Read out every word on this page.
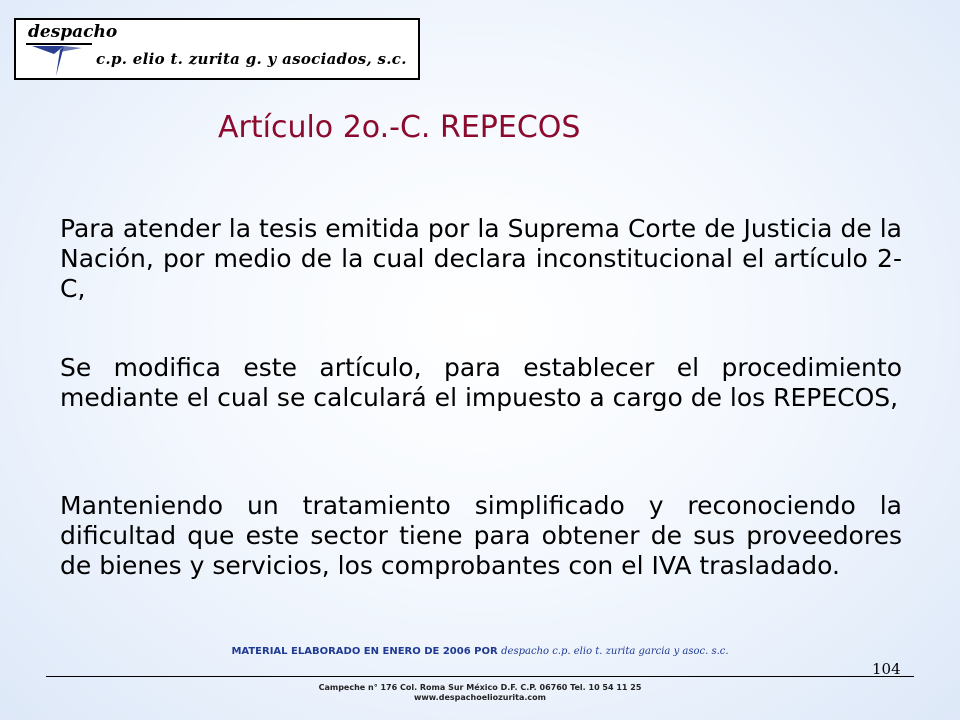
despacho
c.p. elio t. zurita g. y asociados, s.c.
Artículo 2o.-C. REPECOS

Para atender la tesis emitida por la Suprema Corte de Justicia de la Nación, por medio de la cual declara inconstitucional el artículo 2-C,

Se modifica este artículo, para establecer el procedimiento mediante el cual se calculará el impuesto a cargo de los REPECOS,

Manteniendo un tratamiento simplificado y reconociendo la dificultad que este sector tiene para obtener de sus proveedores de bienes y servicios, los comprobantes con el IVA trasladado.

MATERIAL ELABORADO EN ENERO DE 2006 POR despacho c.p. elio t. zurita garcia y asoc. s.c.
104
Campeche n° 176 Col. Roma Sur México D.F. C.P. 06760 Tel. 10 54 11 25
www.despachoeliozurita.com
